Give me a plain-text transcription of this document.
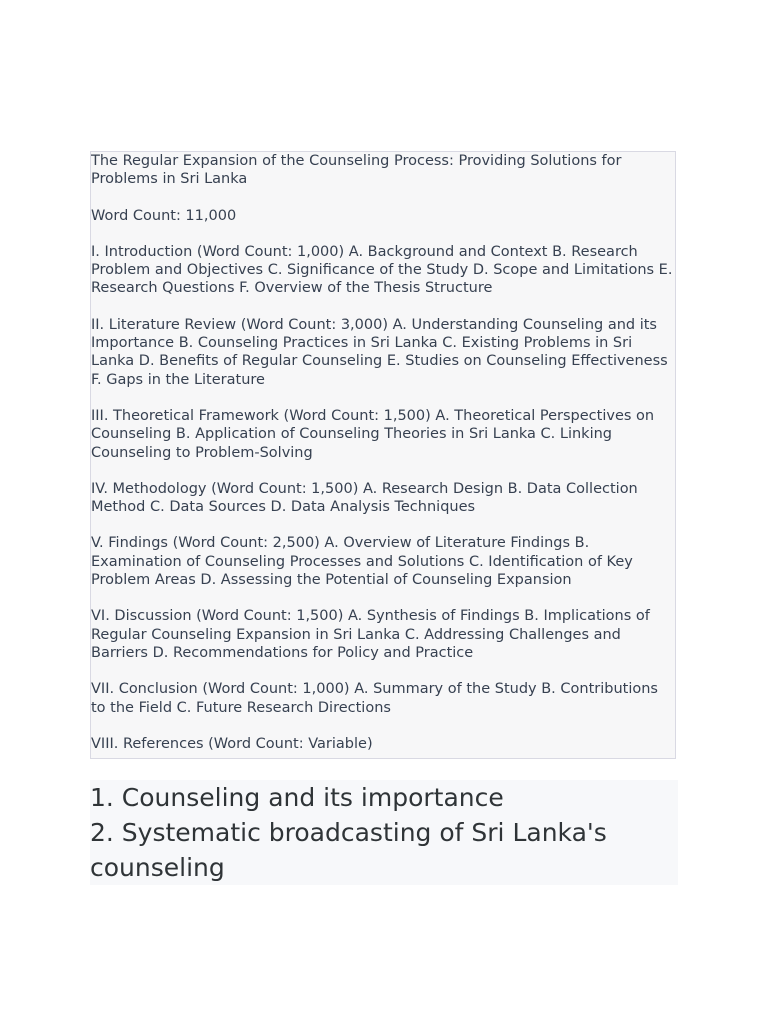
The Regular Expansion of the Counseling Process: Providing Solutions for Problems in Sri Lanka

Word Count: 11,000

I. Introduction (Word Count: 1,000) A. Background and Context B. Research Problem and Objectives C. Significance of the Study D. Scope and Limitations E. Research Questions F. Overview of the Thesis Structure

II. Literature Review (Word Count: 3,000) A. Understanding Counseling and its Importance B. Counseling Practices in Sri Lanka C. Existing Problems in Sri Lanka D. Benefits of Regular Counseling E. Studies on Counseling Effectiveness F. Gaps in the Literature

III. Theoretical Framework (Word Count: 1,500) A. Theoretical Perspectives on Counseling B. Application of Counseling Theories in Sri Lanka C. Linking Counseling to Problem-Solving

IV. Methodology (Word Count: 1,500) A. Research Design B. Data Collection Method C. Data Sources D. Data Analysis Techniques

V. Findings (Word Count: 2,500) A. Overview of Literature Findings B. Examination of Counseling Processes and Solutions C. Identification of Key Problem Areas D. Assessing the Potential of Counseling Expansion

VI. Discussion (Word Count: 1,500) A. Synthesis of Findings B. Implications of Regular Counseling Expansion in Sri Lanka C. Addressing Challenges and Barriers D. Recommendations for Policy and Practice

VII. Conclusion (Word Count: 1,000) A. Summary of the Study B. Contributions to the Field C. Future Research Directions

VIII. References (Word Count: Variable)

1. Counseling and its importance
2. Systematic broadcasting of Sri Lanka's counseling
